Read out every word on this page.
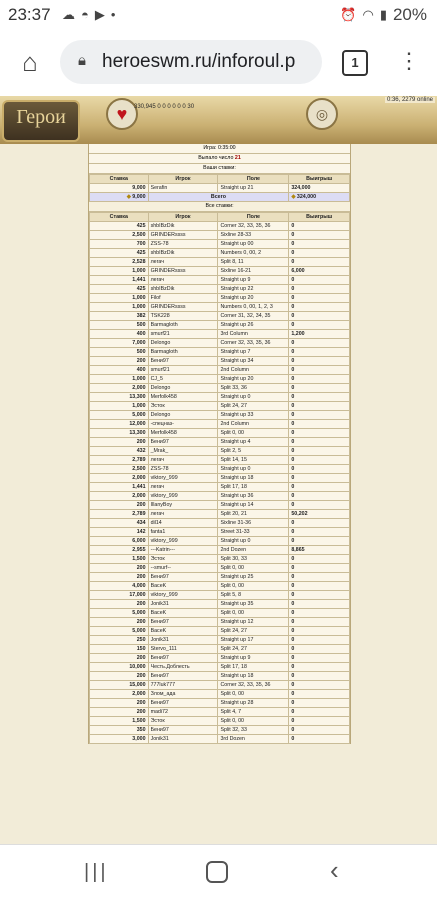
23:37 ☁ ◓ ▶ •	⏰ ◠ ▮ 20%
⌂	🔒︎ heroeswm.ru/inforoul.p	1	⋮
Герои	♥	330,945 0 0 0 0 0 0 30	◎
0:36, 2279 online
Игра: 0:35:00
Выпало число 21
Ваши ставки:
Ставка	Игрок	Поле	Выигрыш
9,000	Serafin	Straight up 21	324,000
◆ 9,000	Всего		◆ 324,000
Все ставки:
Ставка	Игрок	Поле	Выигрыш
425	shbIBzDik	Corner 32, 33, 35, 36	0
2,500	GRINDERssss	Sixline 28-33	0
700	ZSS-78	Straight up 00	0
425	shbIBzDik	Numbers 0, 00, 2	0
2,528	легач	Split 8, 11	0
1,000	GRINDERssss	Sixline 16-21	6,000
1,441	легач	Straight up 9	0
425	shbIBzDik	Straight up 22	0
1,000	Filof	Straight up 20	0
1,000	GRINDERssss	Numbers 0, 00, 1, 2, 3	0
382	TSK228	Corner 31, 32, 34, 35	0
500	Barmagloth	Straight up 26	0
400	smurf21	3rd Column	1,200
7,000	Delongo	Corner 32, 33, 35, 36	0
500	Barmagloth	Straight up 7	0
200	Бени97	Straight up 34	0
400	smurf21	2nd Column	0
1,000	CJ_5	Straight up 20	0
2,000	Delongo	Split 33, 36	0
13,300	Merfolk458	Straight up 0	0
1,000	Эсток	Split 24, 27	0
5,000	Delongo	Straight up 33	0
12,000	-спецназ-	2nd Column	0
13,300	Merfolk458	Split 0, 00	0
200	Бени97	Straight up 4	0
432	_Mrak_	Split 2, 5	0
2,789	легач	Split 14, 15	0
2,500	ZSS-78	Straight up 0	0
2,000	viktory_999	Straight up 18	0
1,441	легач	Split 17, 18	0
2,000	viktory_999	Straight up 36	0
200	IllanyBoy	Straight up 14	0
2,789	легач	Split 20, 21	50,202
434	dil14	Sixline 31-36	0
142	fanta1	Street 31-33	0
6,000	viktory_999	Straight up 0	0
2,955	---Katrin---	2nd Dozen	8,865
1,500	Эсток	Split 30, 33	0
200	--smurf--	Split 0, 00	0
200	Бени97	Straight up 25	0
4,000	BaceK	Split 0, 00	0
17,000	viktory_999	Split 5, 8	0
200	Jonik31	Straight up 35	0
5,000	BaceK	Split 0, 00	0
200	Бени97	Straight up 12	0
5,000	BaceK	Split 24, 27	0
250	Jonik31	Straight up 17	0
150	Stervo_111	Split 24, 27	0
200	Бени97	Straight up 9	0
10,000	Честь.Доблесть	Split 17, 18	0
200	Бени97	Straight up 18	0
15,000	777luk777	Corner 32, 33, 35, 36	0
2,000	Злом_ада	Split 0, 00	0
200	Бени97	Straight up 28	0
200	madi72	Split 4, 7	0
1,500	Эсток	Split 0, 00	0
350	Бени97	Split 32, 33	0
3,000	Jonik31	3rd Dozen	0
|||	‹
